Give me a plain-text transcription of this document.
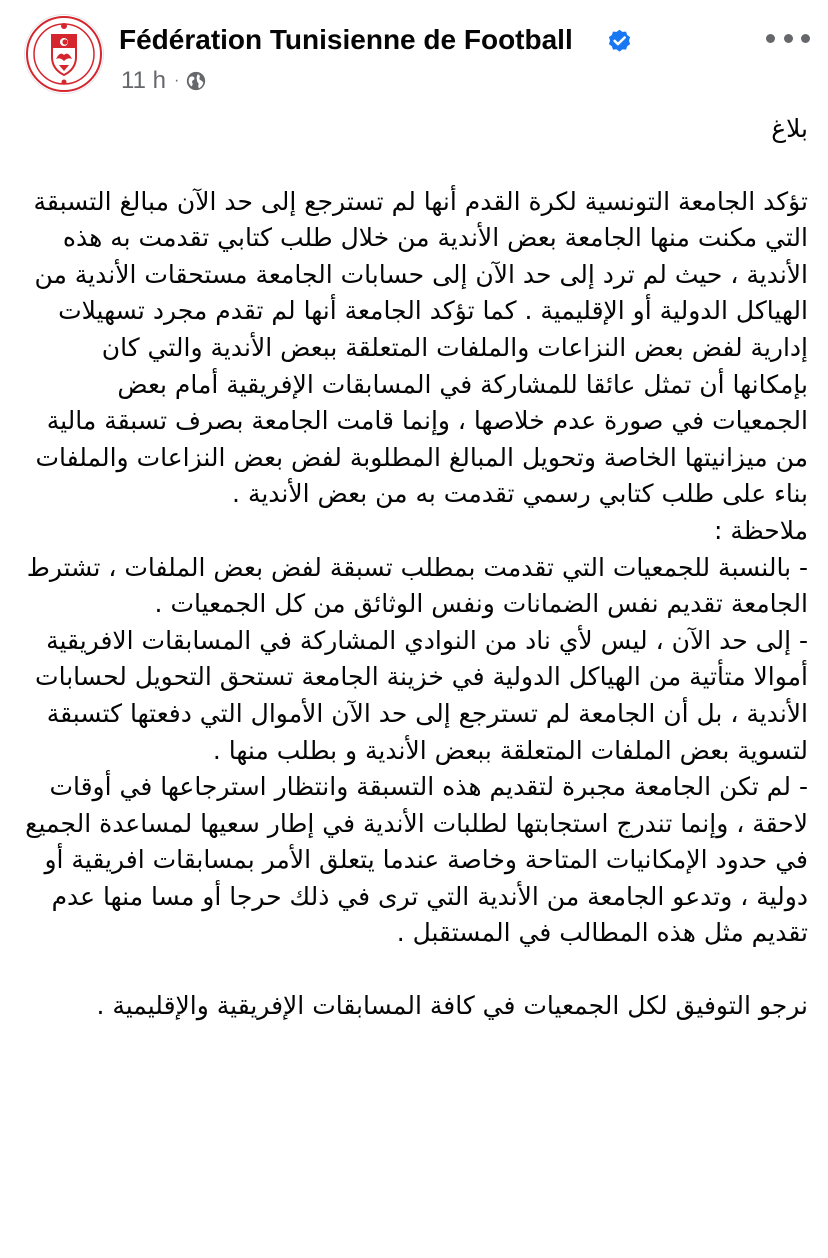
Fédération Tunisienne de Football
11 h ·

بلاغ

تؤكد الجامعة التونسية لكرة القدم أنها لم تسترجع إلى حد الآن مبالغ التسبقة التي مكنت منها الجامعة بعض الأندية من خلال طلب كتابي تقدمت به هذه الأندية ، حيث لم ترد إلى حد الآن إلى حسابات الجامعة مستحقات الأندية من الهياكل الدولية أو الإقليمية . كما تؤكد الجامعة أنها لم تقدم مجرد تسهيلات إدارية لفض بعض النزاعات والملفات المتعلقة ببعض الأندية والتي كان بإمكانها أن تمثل عائقا للمشاركة في المسابقات الإفريقية أمام بعض الجمعيات في صورة عدم خلاصها ، وإنما قامت الجامعة بصرف تسبقة مالية من ميزانيتها الخاصة وتحويل المبالغ المطلوبة لفض بعض النزاعات والملفات بناء على طلب كتابي رسمي تقدمت به من بعض الأندية .

ملاحظة :

- بالنسبة للجمعيات التي تقدمت بمطلب تسبقة لفض بعض الملفات ، تشترط الجامعة تقديم نفس الضمانات ونفس الوثائق من كل الجمعيات .

- إلى حد الآن ، ليس لأي ناد من النوادي المشاركة في المسابقات الافريقية أموالا متأتية من الهياكل الدولية في خزينة الجامعة تستحق التحويل لحسابات الأندية ، بل أن الجامعة لم تسترجع إلى حد الآن الأموال التي دفعتها كتسبقة لتسوية بعض الملفات المتعلقة ببعض الأندية و بطلب منها .

- لم تكن الجامعة مجبرة لتقديم هذه التسبقة وانتظار استرجاعها في أوقات لاحقة ، وإنما تندرج استجابتها لطلبات الأندية في إطار سعيها لمساعدة الجميع في حدود الإمكانيات المتاحة وخاصة عندما يتعلق الأمر بمسابقات افريقية أو دولية ، وتدعو الجامعة من الأندية التي ترى في ذلك حرجا أو مسا منها عدم تقديم مثل هذه المطالب في المستقبل .

نرجو التوفيق لكل الجمعيات في كافة المسابقات الإفريقية والإقليمية .
